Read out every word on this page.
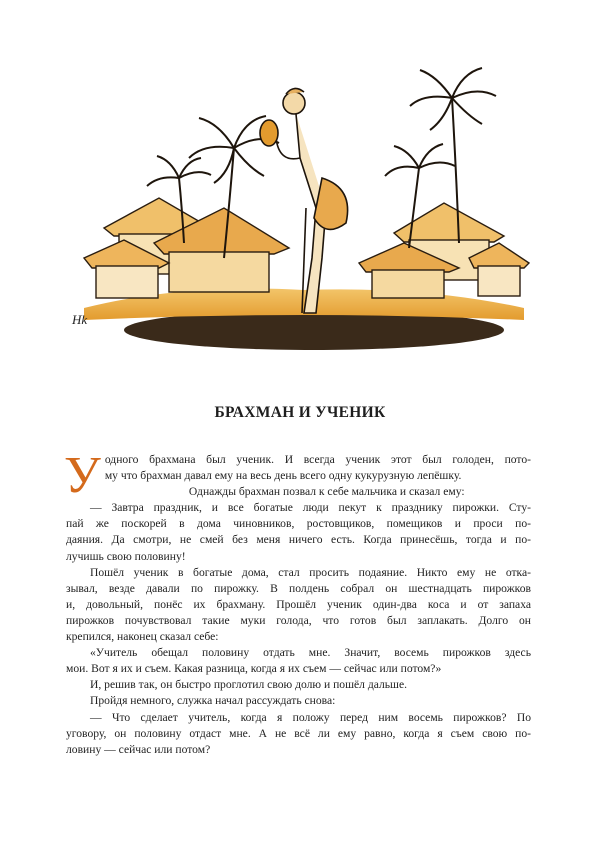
Hk
БРАХМАН И УЧЕНИК
У одного брахмана был ученик. И всегда ученик этот был голоден, пото-
му что брахман давал ему на весь день всего одну кукурузную лепёшку.
Однажды брахман позвал к себе мальчика и сказал ему:
— Завтра праздник, и все богатые люди пекут к празднику пирожки. Сту-
пай же поскорей в дома чиновников, ростовщиков, помещиков и проси по-
даяния. Да смотри, не смей без меня ничего есть. Когда принесёшь, тогда и по-
лучишь свою половину!
Пошёл ученик в богатые дома, стал просить подаяние. Никто ему не отка-
зывал, везде давали по пирожку. В полдень собрал он шестнадцать пирожков
и, довольный, понёс их брахману. Прошёл ученик один-два коса и от запаха
пирожков почувствовал такие муки голода, что готов был заплакать. Долго он
крепился, наконец сказал себе:
«Учитель обещал половину отдать мне. Значит, восемь пирожков здесь
мои. Вот я их и съем. Какая разница, когда я их съем — сейчас или потом?»
И, решив так, он быстро проглотил свою долю и пошёл дальше.
Пройдя немного, служка начал рассуждать снова:
— Что сделает учитель, когда я положу перед ним восемь пирожков? По
уговору, он половину отдаст мне. А не всё ли ему равно, когда я съем свою по-
ловину — сейчас или потом?
